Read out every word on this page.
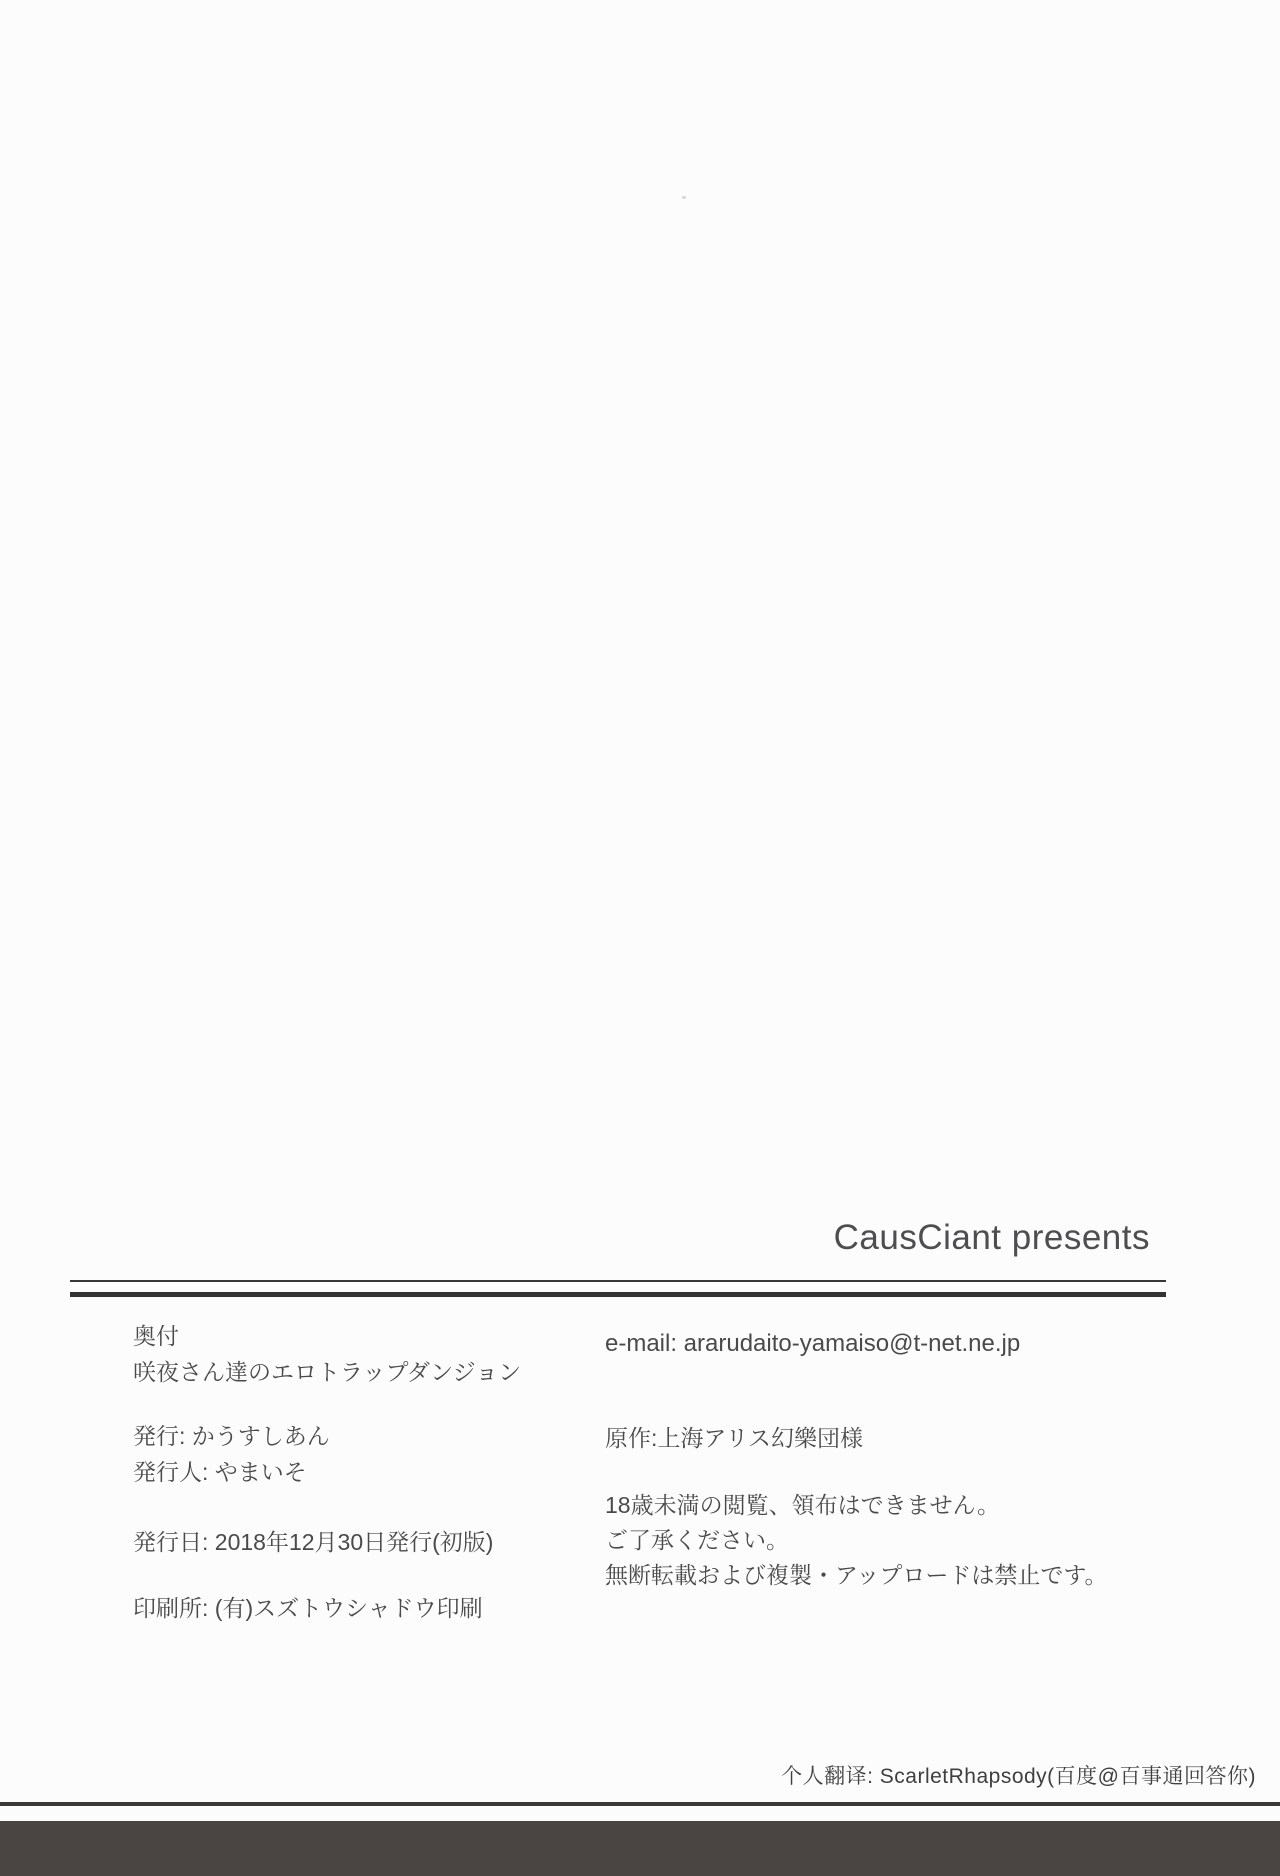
CausCiant presents
奥付
咲夜さん達のエロトラップダンジョン
発行: かうすしあん
発行人: やまいそ
発行日: 2018年12月30日発行(初版)
印刷所: (有)スズトウシャドウ印刷
e-mail: ararudaito-yamaiso@t-net.ne.jp
原作:上海アリス幻樂団様
18歳未満の閲覧、領布はできません。
ご了承ください。
無断転載および複製・アップロードは禁止です。
个人翻译: ScarletRhapsody(百度@百事通回答你)
